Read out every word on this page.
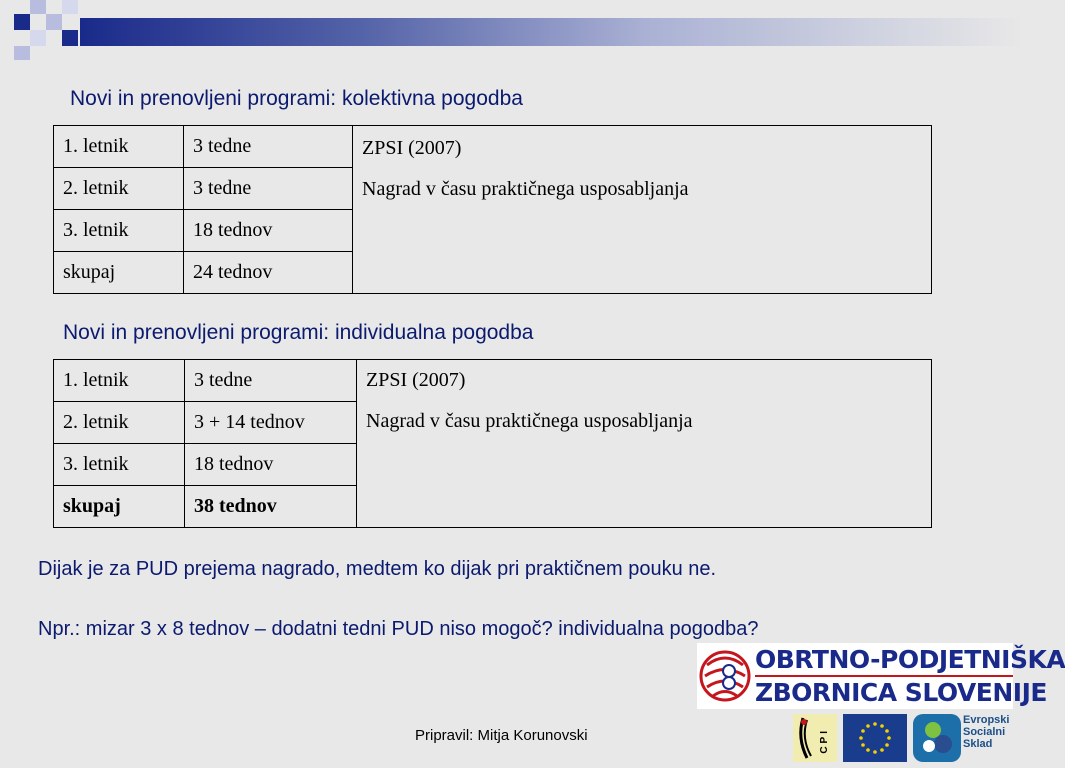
Novi in prenovljeni programi: kolektivna pogodba
1. letnik	3 tedne	ZPSI (2007)
Nagrad v času praktičnega usposabljanja

2. letnik	3 tedne	
3. letnik	18 tednov	
skupaj	24 tednov	
Novi in prenovljeni programi: individualna pogodba
1. letnik	3 tedne	ZPSI (2007)
Nagrad v času praktičnega usposabljanja

2. letnik	3 + 14 tednov	
3. letnik	18 tednov	
skupaj	38 tednov	
Dijak je za PUD prejema nagrado, medtem ko dijak pri praktičnem pouku ne.
Npr.: mizar 3 x 8 tednov – dodatni tedni PUD niso mogoč? individualna pogodba?
OBRTNO-PODJETNIŠKA
ZBORNICA SLOVENIJE
CPI
Evropski
Socialni
Sklad
Pripravil: Mitja Korunovski
